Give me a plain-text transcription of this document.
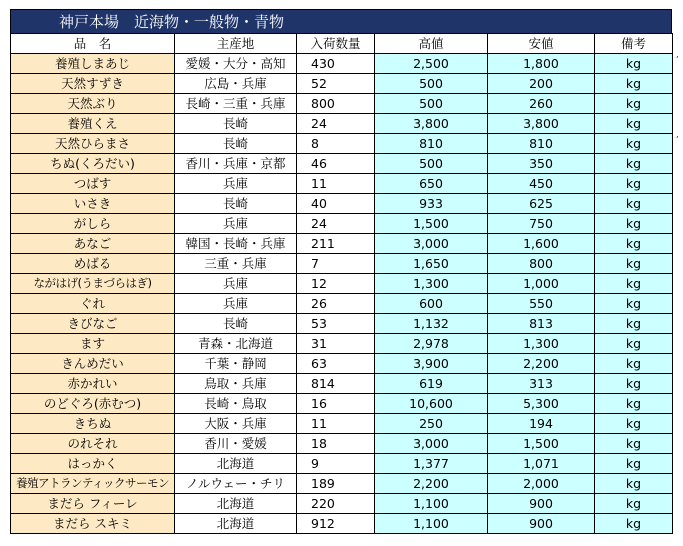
神戸本場　近海物・一般物・青物
品　名	主産地	入荷数量	高値	安値	備考
養殖しまあじ	愛媛・大分・高知	430	2,500	1,800	kg
天然すずき	広島・兵庫	52	500	200	kg
天然ぶり	長崎・三重・兵庫	800	500	260	kg
養殖くえ	長崎	24	3,800	3,800	kg
天然ひらまさ	長崎	8	810	810	kg
ちぬ(くろだい)	香川・兵庫・京都	46	500	350	kg
つばす	兵庫	11	650	450	kg
いさき	長崎	40	933	625	kg
がしら	兵庫	24	1,500	750	kg
あなご	韓国・長崎・兵庫	211	3,000	1,600	kg
めばる	三重・兵庫	7	1,650	800	kg
ながはげ(うまづらはぎ)	兵庫	12	1,300	1,000	kg
ぐれ	兵庫	26	600	550	kg
きびなご	長崎	53	1,132	813	kg
ます	青森・北海道	31	2,978	1,300	kg
きんめだい	千葉・静岡	63	3,900	2,200	kg
赤かれい	鳥取・兵庫	814	619	313	kg
のどぐろ(赤むつ)	長崎・鳥取	16	10,600	5,300	kg
きちぬ	大阪・兵庫	11	250	194	kg
のれそれ	香川・愛媛	18	3,000	1,500	kg
はっかく	北海道	9	1,377	1,071	kg
養殖アトランティックサーモン	ノルウェー・チリ	189	2,200	2,000	kg
まだら フィーレ	北海道	220	1,100	900	kg
まだら スキミ	北海道	912	1,100	900	kg
,
,
